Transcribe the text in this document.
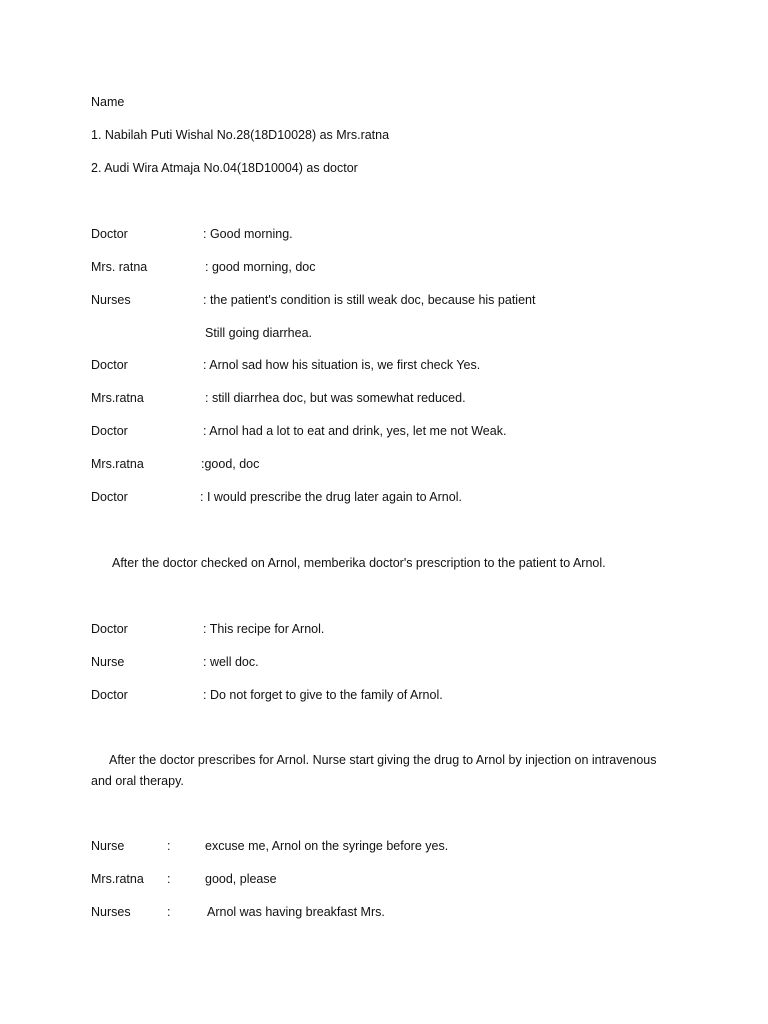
Name
1. Nabilah Puti Wishal No.28(18D10028) as Mrs.ratna
2. Audi Wira Atmaja No.04(18D10004) as doctor
Doctor	: Good morning.
Mrs. ratna	: good morning, doc
Nurses	: the patient's condition is still weak doc, because his patient
Still going diarrhea.
Doctor	: Arnol sad how his situation is, we first check Yes.
Mrs.ratna	: still diarrhea doc, but was somewhat reduced.
Doctor	: Arnol had a lot to eat and drink, yes, let me not Weak.
Mrs.ratna	:good, doc
Doctor	: I would prescribe the drug later again to Arnol.
After the doctor checked on Arnol, memberika doctor's prescription to the patient to Arnol.
Doctor	: This recipe for Arnol.
Nurse	: well doc.
Doctor	: Do not forget to give to the family of Arnol.
After the doctor prescribes for Arnol. Nurse start giving the drug to Arnol by injection on intravenous
and oral therapy.
Nurse	:	excuse me, Arnol on the syringe before yes.
Mrs.ratna :	good, please
Nurses	:	Arnol was having breakfast Mrs.
